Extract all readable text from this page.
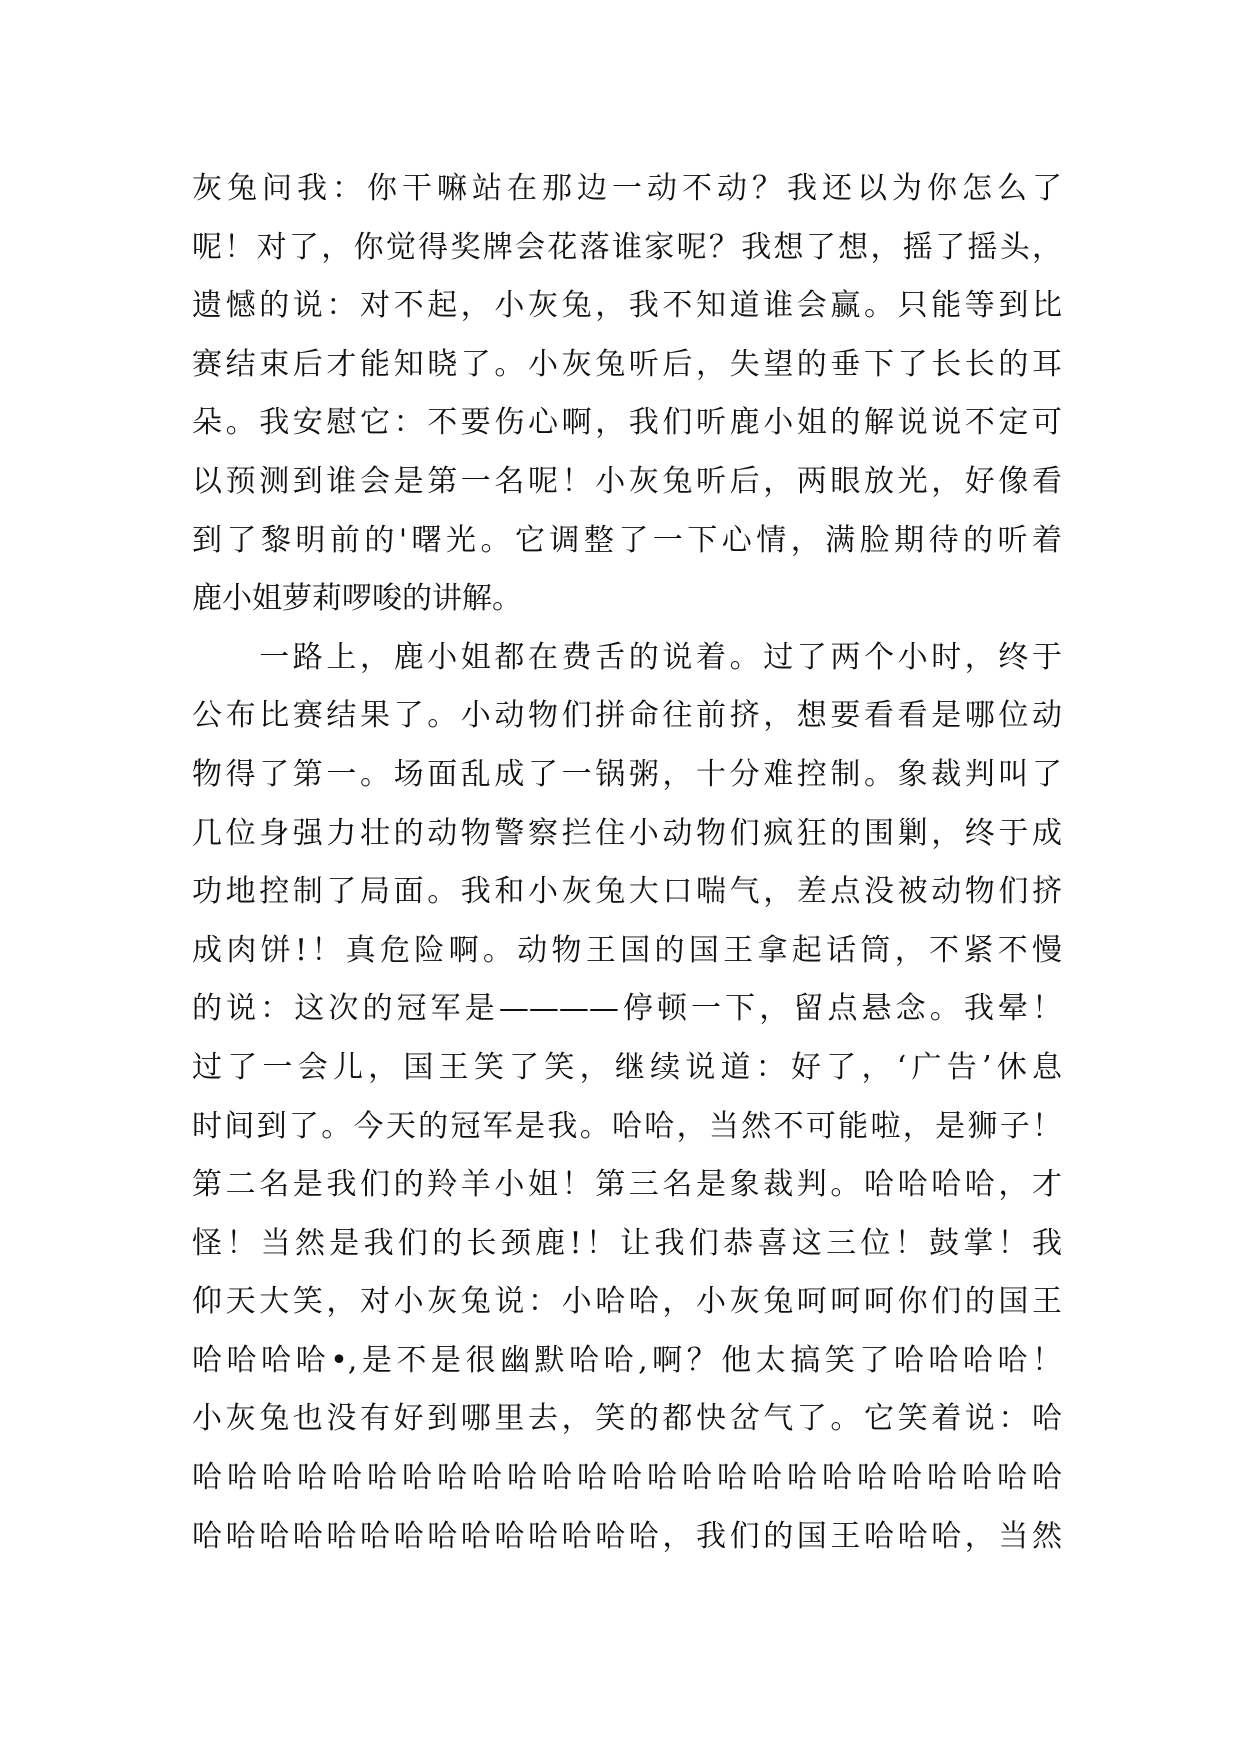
灰兔问我：你干嘛站在那边一动不动？我还以为你怎么了
呢！对了，你觉得奖牌会花落谁家呢？我想了想，摇了摇头，
遗憾的说：对不起，小灰兔，我不知道谁会赢。只能等到比
赛结束后才能知晓了。小灰兔听后，失望的垂下了长长的耳
朵。我安慰它：不要伤心啊，我们听鹿小姐的解说说不定可
以预测到谁会是第一名呢！小灰兔听后，两眼放光，好像看
到了黎明前的'曙光。它调整了一下心情，满脸期待的听着
鹿小姐萝莉啰唆的讲解。
　　一路上，鹿小姐都在费舌的说着。过了两个小时，终于
公布比赛结果了。小动物们拼命往前挤，想要看看是哪位动
物得了第一。场面乱成了一锅粥，十分难控制。象裁判叫了
几位身强力壮的动物警察拦住小动物们疯狂的围剿，终于成
功地控制了局面。我和小灰兔大口喘气，差点没被动物们挤
成肉饼!！真危险啊。动物王国的国王拿起话筒，不紧不慢
的说：这次的冠军是————停顿一下，留点悬念。我晕！
过了一会儿，国王笑了笑，继续说道：好了，‘广告’休息
时间到了。今天的冠军是我。哈哈，当然不可能啦，是狮子！
第二名是我们的羚羊小姐！第三名是象裁判。哈哈哈哈，才
怪！当然是我们的长颈鹿!！让我们恭喜这三位！鼓掌！我
仰天大笑，对小灰兔说：小哈哈，小灰兔呵呵呵你们的国王
哈哈哈哈•,是不是很幽默哈哈,啊？他太搞笑了哈哈哈哈！
小灰兔也没有好到哪里去，笑的都快岔气了。它笑着说：哈
哈哈哈哈哈哈哈哈哈哈哈哈哈哈哈哈哈哈哈哈哈哈哈哈哈
哈哈哈哈哈哈哈哈哈哈哈哈哈哈，我们的国王哈哈哈，当然
